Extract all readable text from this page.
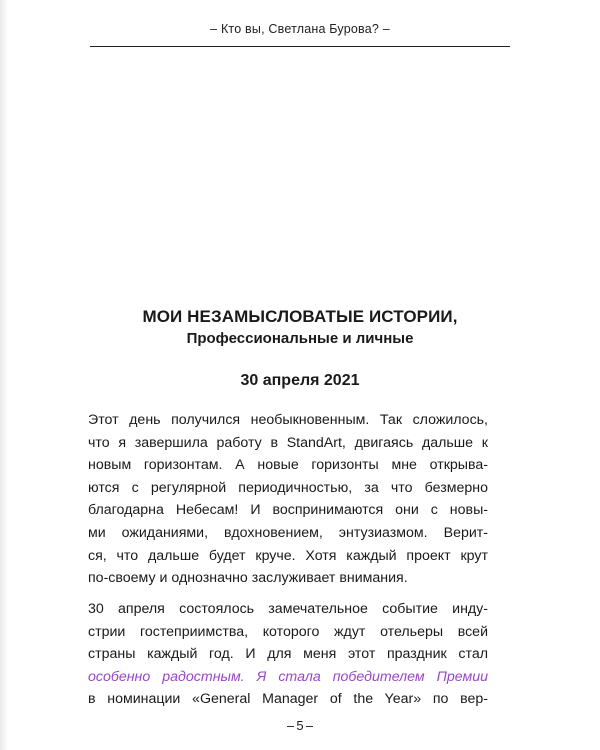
– Кто вы, Светлана Бурова? –
МОИ НЕЗАМЫСЛОВАТЫЕ ИСТОРИИ,
Профессиональные и личные
30 апреля 2021
Этот день получился необыкновенным. Так сложилось,
что я завершила работу в StandArt, двигаясь дальше к
новым горизонтам. А новые горизонты мне открыва-
ются с регулярной периодичностью, за что безмерно
благодарна Небесам! И воспринимаются они с новы-
ми ожиданиями, вдохновением, энтузиазмом. Верит-
ся, что дальше будет круче. Хотя каждый проект крут
по-своему и однозначно заслуживает внимания.
30 апреля состоялось замечательное событие инду-
стрии гостеприимства, которого ждут отельеры всей
страны каждый год. И для меня этот праздник стал
особенно радостным. Я стала победителем Премии
в номинации «General Manager of the Year» по вер-
5
